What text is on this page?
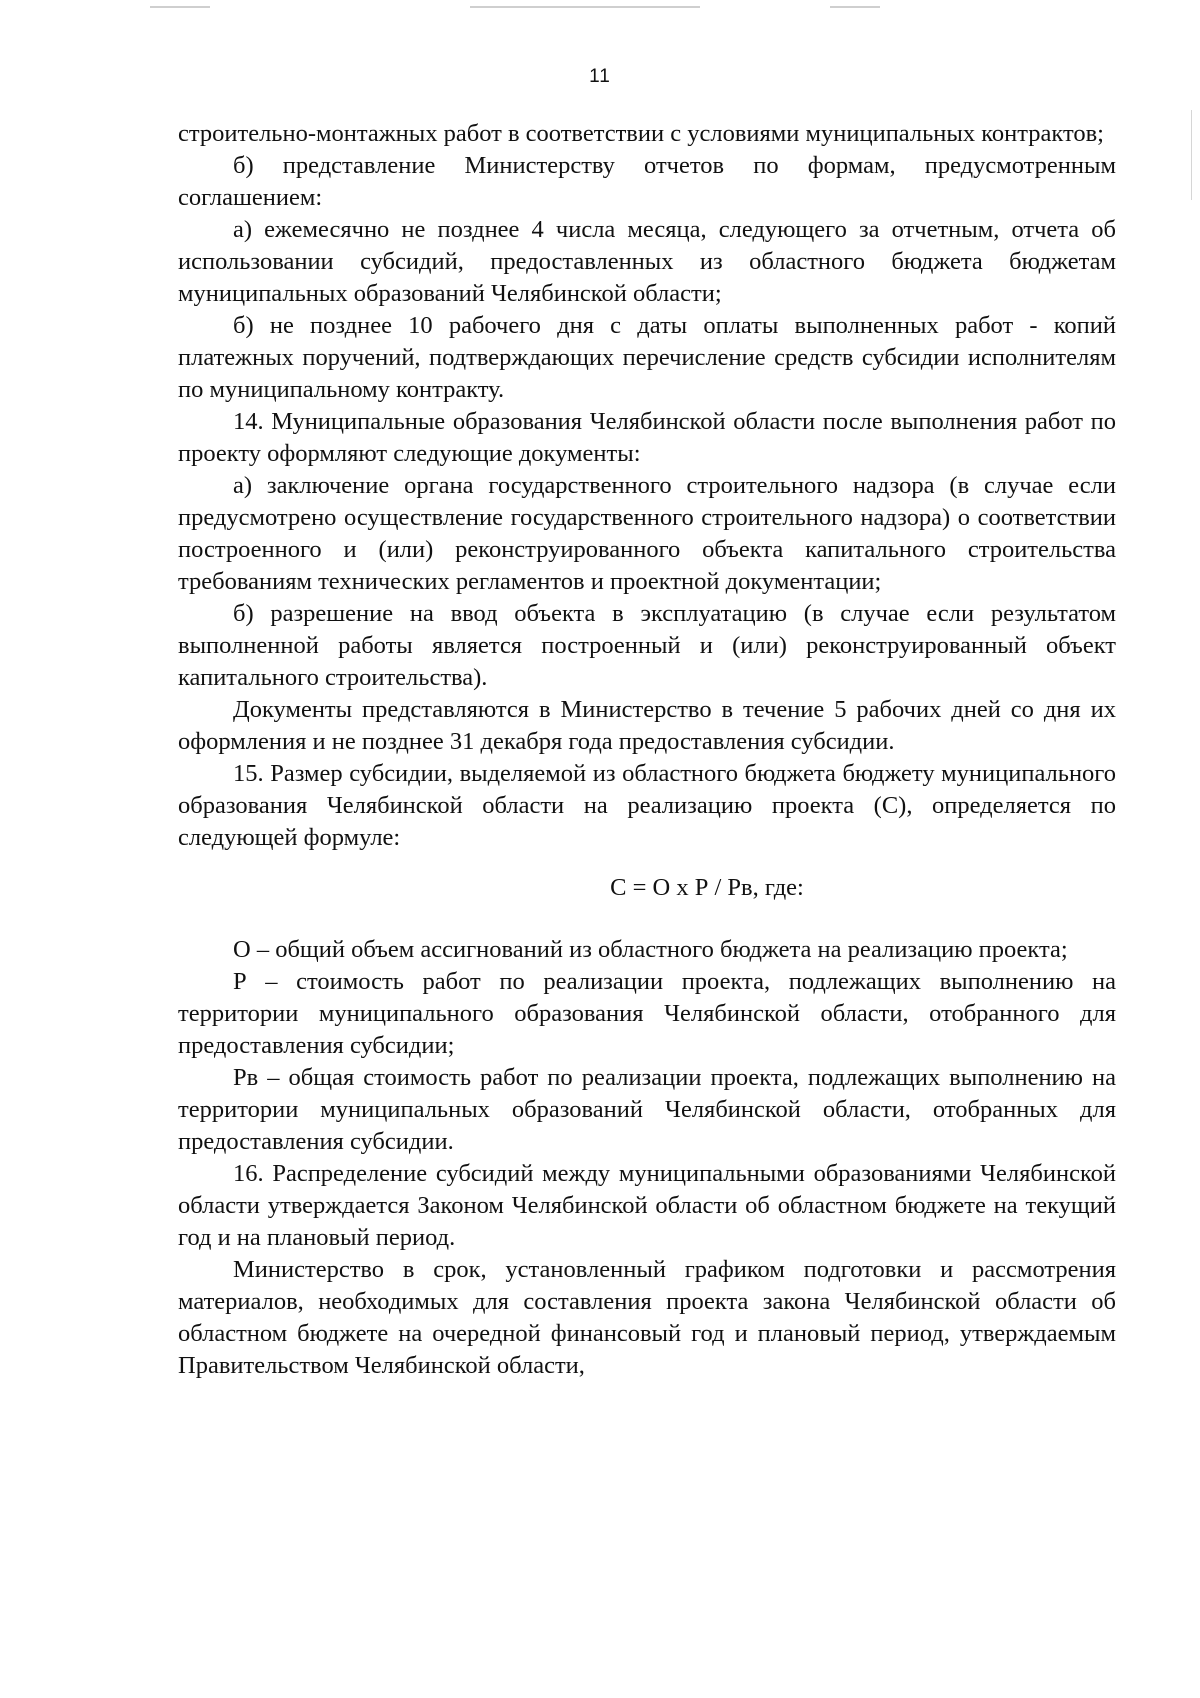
11

строительно-монтажных работ в соответствии с условиями муниципальных контрактов;

б) представление Министерству отчетов по формам, предусмотренным соглашением:

а) ежемесячно не позднее 4 числа месяца, следующего за отчетным, отчета об использовании субсидий, предоставленных из областного бюджета бюджетам муниципальных образований Челябинской области;

б) не позднее 10 рабочего дня с даты оплаты выполненных работ - копий платежных поручений, подтверждающих перечисление средств субсидии исполнителям по муниципальному контракту.

14. Муниципальные образования Челябинской области после выполнения работ по проекту оформляют следующие документы:

а) заключение органа государственного строительного надзора (в случае если предусмотрено осуществление государственного строительного надзора) о соответствии построенного и (или) реконструированного объекта капитального строительства требованиям технических регламентов и проектной документации;

б) разрешение на ввод объекта в эксплуатацию (в случае если результатом выполненной работы является построенный и (или) реконструированный объект капитального строительства).

Документы представляются в Министерство в течение 5 рабочих дней со дня их оформления и не позднее 31 декабря года предоставления субсидии.

15. Размер субсидии, выделяемой из областного бюджета бюджету муниципального образования Челябинской области на реализацию проекта (С), определяется по следующей формуле:

С = О х Р / Рв, где:

О – общий объем ассигнований из областного бюджета на реализацию проекта;

Р – стоимость работ по реализации проекта, подлежащих выполнению на территории муниципального образования Челябинской области, отобранного для предоставления субсидии;

Рв – общая стоимость работ по реализации проекта, подлежащих выполнению на территории муниципальных образований Челябинской области, отобранных для предоставления субсидии.

16. Распределение субсидий между муниципальными образованиями Челябинской области утверждается Законом Челябинской области об областном бюджете на текущий год и на плановый период.

Министерство в срок, установленный графиком подготовки и рассмотрения материалов, необходимых для составления проекта закона Челябинской области об областном бюджете на очередной финансовый год и плановый период, утверждаемым Правительством Челябинской области,
